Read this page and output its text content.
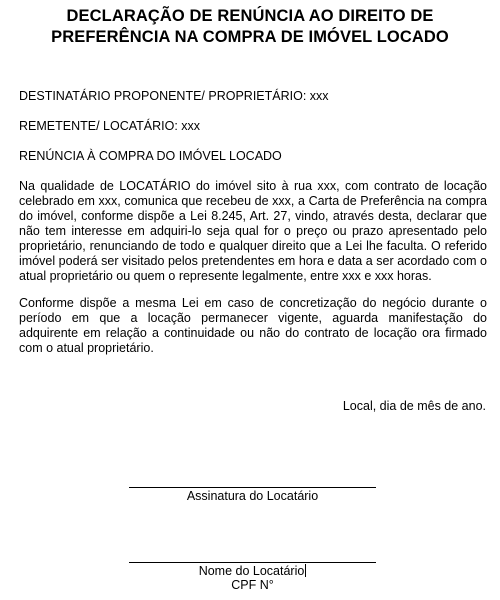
DECLARAÇÃO DE RENÚNCIA AO DIREITO DE
PREFERÊNCIA NA COMPRA DE IMÓVEL LOCADO
DESTINATÁRIO PROPONENTE/ PROPRIETÁRIO: xxx
REMETENTE/ LOCATÁRIO: xxx
RENÚNCIA À COMPRA DO IMÓVEL LOCADO
Na qualidade de LOCATÁRIO do imóvel sito à rua xxx, com contrato de locação celebrado em xxx, comunica que recebeu de xxx, a Carta de Preferência na compra do imóvel, conforme dispõe a Lei 8.245, Art. 27, vindo, através desta, declarar que não tem interesse em adquiri-lo seja qual for o preço ou prazo apresentado pelo proprietário, renunciando de todo e qualquer direito que a Lei lhe faculta. O referido imóvel poderá ser visitado pelos pretendentes em hora e data a ser acordado com o atual proprietário ou quem o represente legalmente, entre xxx e xxx horas.
Conforme dispõe a mesma Lei em caso de concretização do negócio durante o período em que a locação permanecer vigente, aguarda manifestação do adquirente em relação a continuidade ou não do contrato de locação ora firmado com o atual proprietário.
Local, dia de mês de ano.
Assinatura do Locatário
Nome do Locatário
CPF N°
